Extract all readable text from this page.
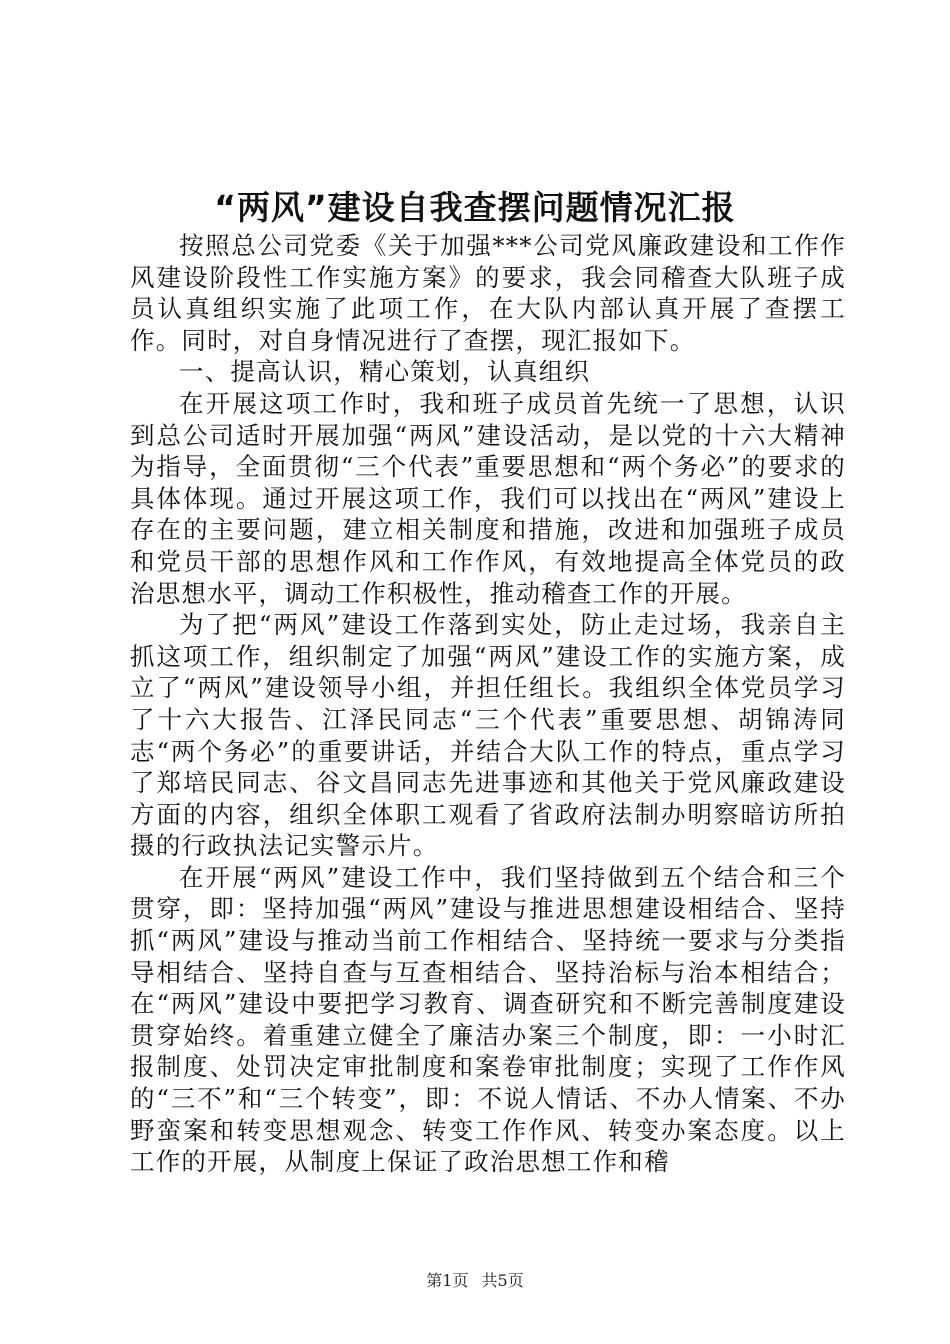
“两风”建设自我查摆问题情况汇报

按照总公司党委《关于加强***公司党风廉政建设和工作作风建设阶段性工作实施方案》的要求，我会同稽查大队班子成员认真组织实施了此项工作，在大队内部认真开展了查摆工作。同时，对自身情况进行了查摆，现汇报如下。

一、提高认识，精心策划，认真组织

在开展这项工作时，我和班子成员首先统一了思想，认识到总公司适时开展加强“两风”建设活动，是以党的十六大精神为指导，全面贯彻“三个代表”重要思想和“两个务必”的要求的具体体现。通过开展这项工作，我们可以找出在“两风”建设上存在的主要问题，建立相关制度和措施，改进和加强班子成员和党员干部的思想作风和工作作风，有效地提高全体党员的政治思想水平，调动工作积极性，推动稽查工作的开展。

为了把“两风”建设工作落到实处，防止走过场，我亲自主抓这项工作，组织制定了加强“两风”建设工作的实施方案，成立了“两风”建设领导小组，并担任组长。我组织全体党员学习了十六大报告、江泽民同志“三个代表”重要思想、胡锦涛同志“两个务必”的重要讲话，并结合大队工作的特点，重点学习了郑培民同志、谷文昌同志先进事迹和其他关于党风廉政建设方面的内容，组织全体职工观看了省政府法制办明察暗访所拍摄的行政执法记实警示片。

在开展“两风”建设工作中，我们坚持做到五个结合和三个贯穿，即：坚持加强“两风”建设与推进思想建设相结合、坚持抓“两风”建设与推动当前工作相结合、坚持统一要求与分类指导相结合、坚持自查与互查相结合、坚持治标与治本相结合；在“两风”建设中要把学习教育、调查研究和不断完善制度建设贯穿始终。着重建立健全了廉洁办案三个制度，即：一小时汇报制度、处罚决定审批制度和案卷审批制度；实现了工作作风的“三不”和“三个转变”，即：不说人情话、不办人情案、不办野蛮案和转变思想观念、转变工作作风、转变办案态度。以上工作的开展，从制度上保证了政治思想工作和稽

第1页 共5页
